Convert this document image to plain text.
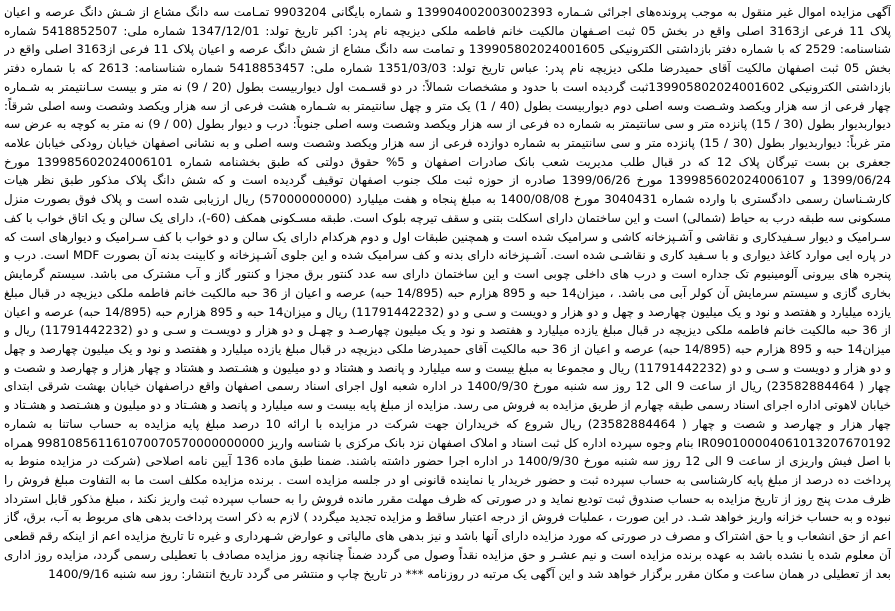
آگهی مزایده اموال غیر منقول به موجب پرونده‌های اجرائی شـماره 139904002003002393 و شماره بایگانی 9903204 تمـامت سه دانگ مشاع از شـش دانگ عرصه و اعیان پلاک 11 فرعی از3163 اصلی واقع در بخش 05 ثبت اصـفهان مالکیت خانم فاطمه ملکی دیزیچه نام پدر: اکبر تاریخ تولد: 1347/12/01 شماره ملی: 5418852507 شماره شناسنامه: 2529 که با شماره دفتر بازداشتی الکترونیکی 139905802024001605 و تمامت سه دانگ مشاع از شش دانگ عرصه و اعیان پلاک 11 فرعی از3163 اصلی واقع در بخش 05 ثبت اصفهان مالکیت آقای حمیدرضا ملکی دیزیچه نام پدر: عباس تاریخ تولد: 1351/03/03 شماره ملی: 5418853457 شماره شناسنامه: 2613 که با شماره دفتر بازداشتی الکترونیکی 139905802024001602ثبت گردیده است با حدود و مشخصات شمالاً: در دو قسـمت اول دیواربیست بطول (20 / 9) نه متر و بیست سـانتیمتر به شـماره چهار فرعی از سه هزار ویکصد وشـصت وسه اصلی دوم دیواربیست بطول (40 / 1) یک متر و چهل سانتیمتر به شـماره هشت فرعی از سه هزار ویکصد وشصت وسه اصلی شرقاً: دیواربدیوار بطول (30 / 15) پانزده متر و سی سانتیمتر به شماره ده فرعی از سه هزار ویکصد وشصت وسه اصلی جنوباً: درب و دیوار بطول (00 / 9) نه متر به کوچه به عرض سه متر غرباً: دیواربدیوار بطول (30 / 15) پانزده متر و سی سانتیمتر به شماره دوازده فرعی از سه هزار ویکصد وشصت وسه اصلی و به نشانی اصفهان خیابان رودکی خیابان علامه جعفری بن بست تیرگان پلاک 12 که در قبال طلب مدیریت شعب بانک صادرات اصفهان و 5% حقوق دولتی که طبق بخشنامه شماره 139985602024006101 مورخ 1399/06/24 و 139985602024006107 مورخ 1399/06/26 صادره از حوزه ثبت ملک جنوب اصفهان توقیف گردیده است و که شش دانگ پلاک مذکور طبق نظر هیات کارشـناسان رسمی دادگستری با وارده شماره 3040431 مورخ 1400/08/08 به مبلغ پنجاه و هفت میلیارد (57000000000) ریال ارزیابی شده است و پلاک فوق بصورت منزل مسکونی سه طبقه درب به حیاط (شمالی) است و این ساختمان دارای اسکلت بتنی و سقف تیرچه بلوک است. طبقه مسـکونی همکف (60-)، دارای یک سالن و یک اتاق خواب با کف سـرامیک و دیوار سـفیدکاری و نقاشی و آشـپزخانه کاشی و سرامیک شده است و همچنین طبقات اول و دوم هرکدام دارای یک سالن و دو خواب با کف سـرامیک و دیوارهای است که در پاره ایی موارد کاغذ دیواری و با سـفید کاری و نقاشـی شده است. آشـپزخانه دارای بدنه و کف سرامیک شده و این جلوی آشـپزخانه و کابینت بدنه آن بصورت MDF است. درب و پنجره های بیرونی آلومینیوم تک جداره است و درب های داخلی چوبی است و این ساختمان دارای سه عدد کنتور برق مجزا و کنتور گاز و آب مشترک می باشد. سیستم گرمایش بخاری گازی و سیستم سرمایش آن کولر آبی می باشد. ، میزان14 حبه و 895 هزارم حبه (14/895 حبه) عرصه و اعیان از 36 حبه مالکیت خانم فاطمه ملکی دیزیچه در قبال مبلغ یازده میلیارد و هفتصد و نود و یک میلیون چهارصد و چهل و دو هزار و دویست و سـی و دو (11791442232) ریال و میزان14 حبه و 895 هزارم حبه (14/895 حبه) عرصه و اعیان از 36 حبه مالکیت خانم فاطمه ملکی دیزیچه در قبال مبلغ یازده میلیارد و هفتصد و نود و یک میلیون چهارصـد و چهـل و دو هزار و دویسـت و سـی و دو (11791442232) ریال و میزان14 حبه و 895 هزارم حبه (14/895 حبه) عرصه و اعیان از 36 حبه مالکیت آقای حمیدرضا ملکی دیزیچه در قبال مبلغ یازده میلیارد و هفتصد و نود و یک میلیون چهارصد و چهل و دو هزار و دویست و سـی و دو (11791442232) ریال و مجموعا به مبلغ بیست و سه میلیارد و پانصد و هشتاد و دو میلیون و هشـتصد و هشتاد و چهار هزار و چهارصد و شصت و چهار ( 23582884464) ریال از ساعت 9 الی 12 روز سه شنبه مورخ 1400/9/30 در اداره شعبه اول اجرای اسناد رسمی اصفهان واقع دراصفهان خیابان بهشت شرقی ابتدای خیابان لاهوتی اداره اجرای اسناد رسمی طبقه چهارم از طریق مزایده به فروش می رسد. مزایده از مبلغ پایه بیست و سه میلیارد و پانصد و هشـتاد و دو میلیون و هشـتصد و هشـتاد و چهار هزار و چهارصد و شصت و چهار ( 23582884464) ریال شروع که خریداران جهت شرکت در مزایده با ارائه 10 درصد مبلغ پایه مزایده به حساب ساتنا به شماره IR090100004061013207670192 بنام وجوه سپرده اداره کل ثبت اسناد و املاک اصفهان نزد بانک مرکزی با شناسه واریز 998108561161070070570000000000 همراه با اصل فیش واریزی از ساعت 9 الی 12 روز سه شنبه مورخ 1400/9/30 در اداره اجرا حضور داشته باشند. ضمنا طبق ماده 136 آیین نامه اصلاحی (شرکت در مزایده منوط به پرداخت ده درصد از مبلغ پایه کارشناسی به حساب سپرده ثبت و حضور خریدار یا نماینده قانونی او در جلسه مزایده است . برنده مزایده مکلف است ما به التفاوت مبلغ فروش را ظرف مدت پنج روز از تاریخ مزایده به حساب صندوق ثبت تودیع نماید و در صورتی که ظرف مهلت مقرر مانده فروش را به حساب سپرده ثبت واریز نکند ، مبلغ مذکور قابل استرداد نبوده و به حساب خزانه واریز خواهد شـد. در این صورت ، عملیات فروش از درجه اعتبار ساقط و مزایده تجدید میگردد ) لازم به ذکر است پرداخت بدهی های مربوط به آب، برق، گاز اعم از حق انشعاب و یا حق اشتراک و مصرف در صورتی که مورد مزایده دارای آنها باشد و نیز بدهی های مالیاتی و عوارض شـهرداری و غیره تا تاریخ مزایده اعم از اینکه رقم قطعی آن معلوم شده یا نشده باشد به عهده برنده مزایده است و نیم عشـر و حق مزایده نقداً وصول می گردد ضمناً چنانچه روز مزایده مصادف با تعطیلی رسمی گردد، مزایده روز اداری بعد از تعطیلی در همان ساعت و مکان مقرر برگزار خواهد شد و این آگهی یک مرتبه در روزنامه *** در تاریخ چاپ و منتشر می گردد تاریخ انتشار: روز سه شنبه 1400/9/16
